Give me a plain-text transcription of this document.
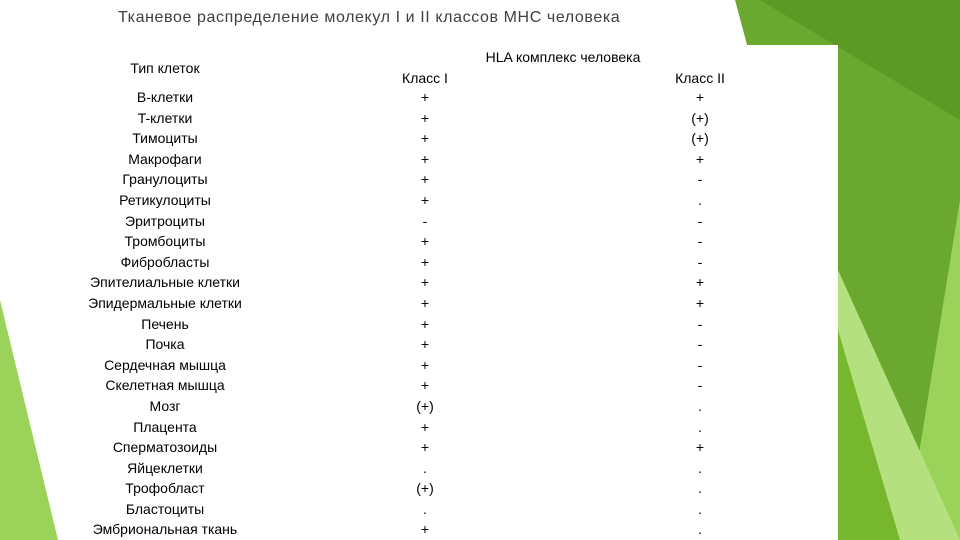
Тканевое распределение молекул I и II классов MHC человека
Тип клеток
HLA комплекс человека
Класс I	Класс II
B-клетки	+	+
T-клетки	+	(+)
Тимоциты	+	(+)
Макрофаги	+	+
Гранулоциты	+	-
Ретикулоциты	+	.
Эритроциты	-	-
Тромбоциты	+	-
Фибробласты	+	-
Эпителиальные клетки	+	+
Эпидермальные клетки	+	+
Печень	+	-
Почка	+	-
Сердечная мышца	+	-
Скелетная мышца	+	-
Мозг	(+)	.
Плацента	+	.
Сперматозоиды	+	+
Яйцеклетки	.	.
Трофобласт	(+)	.
Бластоциты	.	.
Эмбриональная ткань	+	.
